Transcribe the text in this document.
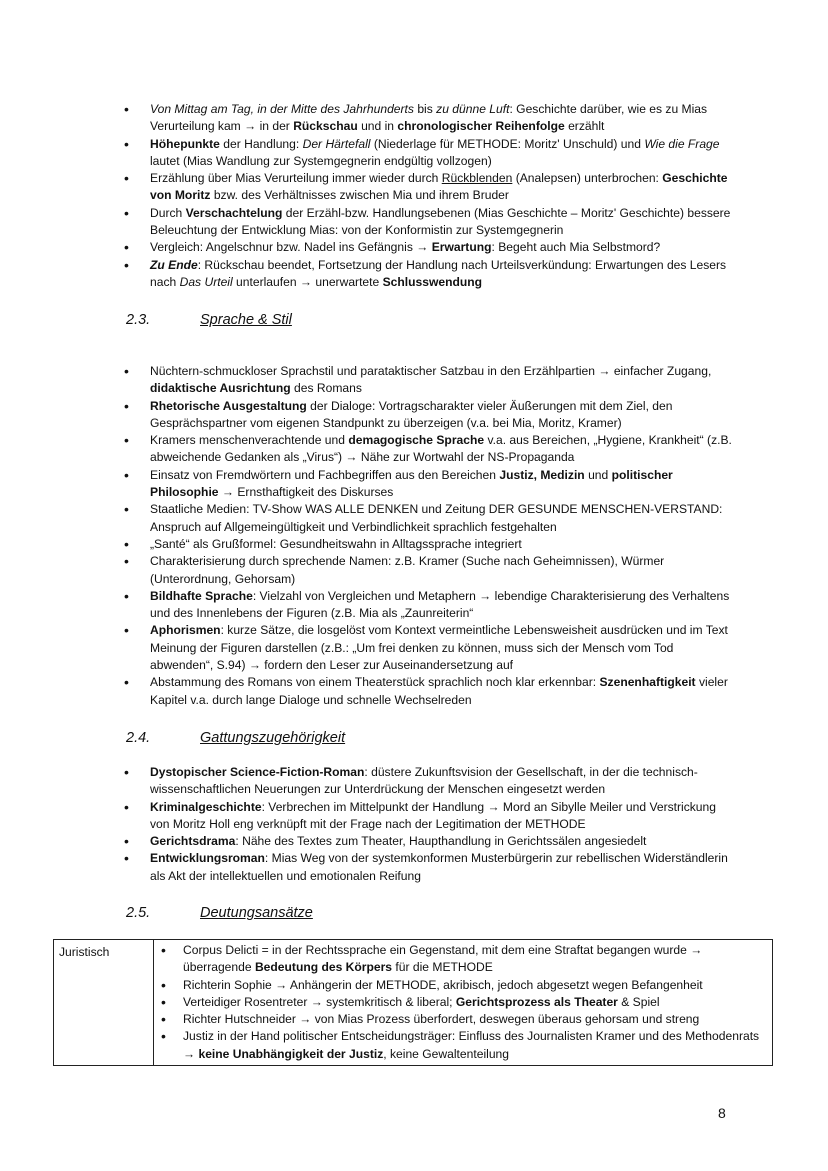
• Von Mittag am Tag, in der Mitte des Jahrhunderts bis zu dünne Luft: Geschichte darüber, wie es zu Mias Verurteilung kam → in der Rückschau und in chronologischer Reihenfolge erzählt
• Höhepunkte der Handlung: Der Härtefall (Niederlage für METHODE: Moritz' Unschuld) und Wie die Frage lautet (Mias Wandlung zur Systemgegnerin endgültig vollzogen)
• Erzählung über Mias Verurteilung immer wieder durch Rückblenden (Analepsen) unterbrochen: Geschichte von Moritz bzw. des Verhältnisses zwischen Mia und ihrem Bruder
• Durch Verschachtelung der Erzähl-bzw. Handlungsebenen (Mias Geschichte – Moritz' Geschichte) bessere Beleuchtung der Entwicklung Mias: von der Konformistin zur Systemgegnerin
• Vergleich: Angelschnur bzw. Nadel ins Gefängnis → Erwartung: Begeht auch Mia Selbstmord?
• Zu Ende: Rückschau beendet, Fortsetzung der Handlung nach Urteilsverkündung: Erwartungen des Lesers nach Das Urteil unterlaufen → unerwartete Schlusswendung
2.3.	Sprache & Stil
• Nüchtern-schmuckloser Sprachstil und parataktischer Satzbau in den Erzählpartien → einfacher Zugang, didaktische Ausrichtung des Romans
• Rhetorische Ausgestaltung der Dialoge: Vortragscharakter vieler Äußerungen mit dem Ziel, den Gesprächspartner vom eigenen Standpunkt zu überzeigen (v.a. bei Mia, Moritz, Kramer)
• Kramers menschenverachtende und demagogische Sprache v.a. aus Bereichen, „Hygiene, Krankheit“ (z.B. abweichende Gedanken als „Virus“) → Nähe zur Wortwahl der NS-Propaganda
• Einsatz von Fremdwörtern und Fachbegriffen aus den Bereichen Justiz, Medizin und politischer Philosophie → Ernsthaftigkeit des Diskurses
• Staatliche Medien: TV-Show WAS ALLE DENKEN und Zeitung DER GESUNDE MENSCHEN-VERSTAND: Anspruch auf Allgemeingültigkeit und Verbindlichkeit sprachlich festgehalten
• „Santé“ als Grußformel: Gesundheitswahn in Alltagssprache integriert
• Charakterisierung durch sprechende Namen: z.B. Kramer (Suche nach Geheimnissen), Würmer (Unterordnung, Gehorsam)
• Bildhafte Sprache: Vielzahl von Vergleichen und Metaphern → lebendige Charakterisierung des Verhaltens und des Innenlebens der Figuren (z.B. Mia als „Zaunreiterin“
• Aphorismen: kurze Sätze, die losgelöst vom Kontext vermeintliche Lebensweisheit ausdrücken und im Text Meinung der Figuren darstellen (z.B.: „Um frei denken zu können, muss sich der Mensch vom Tod abwenden“, S.94) → fordern den Leser zur Auseinandersetzung auf
• Abstammung des Romans von einem Theaterstück sprachlich noch klar erkennbar: Szenenhaftigkeit vieler Kapitel v.a. durch lange Dialoge und schnelle Wechselreden
2.4.	Gattungszugehörigkeit
• Dystopischer Science-Fiction-Roman: düstere Zukunftsvision der Gesellschaft, in der die technisch-wissenschaftlichen Neuerungen zur Unterdrückung der Menschen eingesetzt werden
• Kriminalgeschichte: Verbrechen im Mittelpunkt der Handlung → Mord an Sibylle Meiler und Verstrickung von Moritz Holl eng verknüpft mit der Frage nach der Legitimation der METHODE
• Gerichtsdrama: Nähe des Textes zum Theater, Haupthandlung in Gerichtssälen angesiedelt
• Entwicklungsroman: Mias Weg von der systemkonformen Musterbürgerin zur rebellischen Widerständlerin als Akt der intellektuellen und emotionalen Reifung
2.5.	Deutungsansätze
Juristisch	
•Corpus Delicti = in der Rechtssprache ein Gegenstand, mit dem eine Straftat begangen wurde → überragende Bedeutung des Körpers für die METHODE
• Richterin Sophie → Anhängerin der METHODE, akribisch, jedoch abgesetzt wegen Befangenheit
• Verteidiger Rosentreter → systemkritisch & liberal; Gerichtsprozess als Theater & Spiel
• Richter Hutschneider → von Mias Prozess überfordert, deswegen überaus gehorsam und streng
• Justiz in der Hand politischer Entscheidungsträger: Einfluss des Journalisten Kramer und des Methodenrats → keine Unabhängigkeit der Justiz, keine Gewaltenteilung
8
